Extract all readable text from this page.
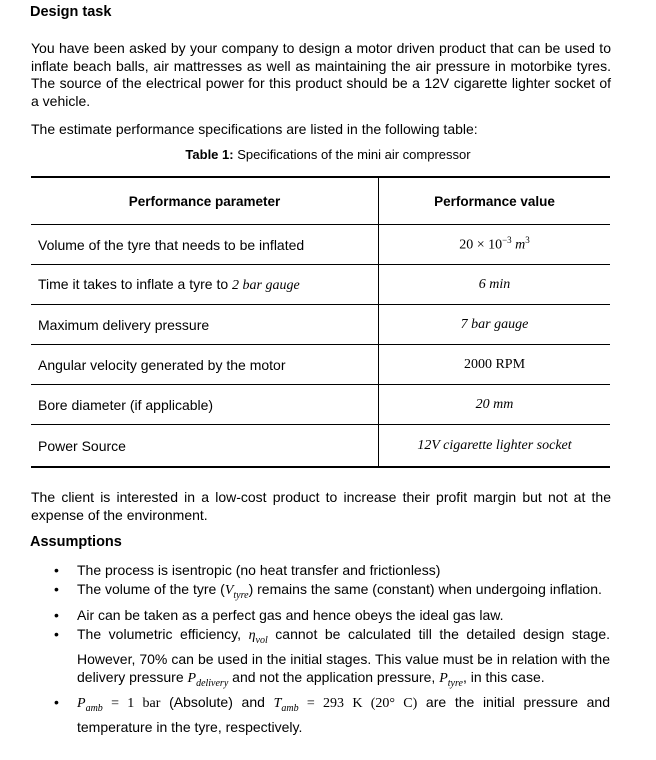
Design task

You have been asked by your company to design a motor driven product that can be used to inflate beach balls, air mattresses as well as maintaining the air pressure in motorbike tyres. The source of the electrical power for this product should be a 12V cigarette lighter socket of a vehicle.

The estimate performance specifications are listed in the following table:

Table 1: Specifications of the mini air compressor
Performance parameter	Performance value
Volume of the tyre that needs to be inflated	$20 \times 10^{-3}$ $m^3$
Time it takes to inflate a tyre to 2 bar gauge	6 min
Maximum delivery pressure	7 bar gauge
Angular velocity generated by the motor	2000 RPM
Bore diameter (if applicable)	20 mm
Power Source	12V cigarette lighter socket

The client is interested in a low-cost product to increase their profit margin but not at the expense of the environment.

Assumptions
• The process is isentropic (no heat transfer and frictionless)
• The volume of the tyre $(V_{tyre})$ remains the same (constant) when undergoing inflation.
• Air can be taken as a perfect gas and hence obeys the ideal gas law.
• The volumetric efficiency, $\eta_{vol}$ cannot be calculated till the detailed design stage. However, 70% can be used in the initial stages. This value must be in relation with the delivery pressure $P_{delivery}$ and not the application pressure, $P_{tyre}$, in this case.
• $P_{amb} = 1$ bar (Absolute) and $T_{amb} = 293$ K (20° C) are the initial pressure and temperature in the tyre, respectively.
